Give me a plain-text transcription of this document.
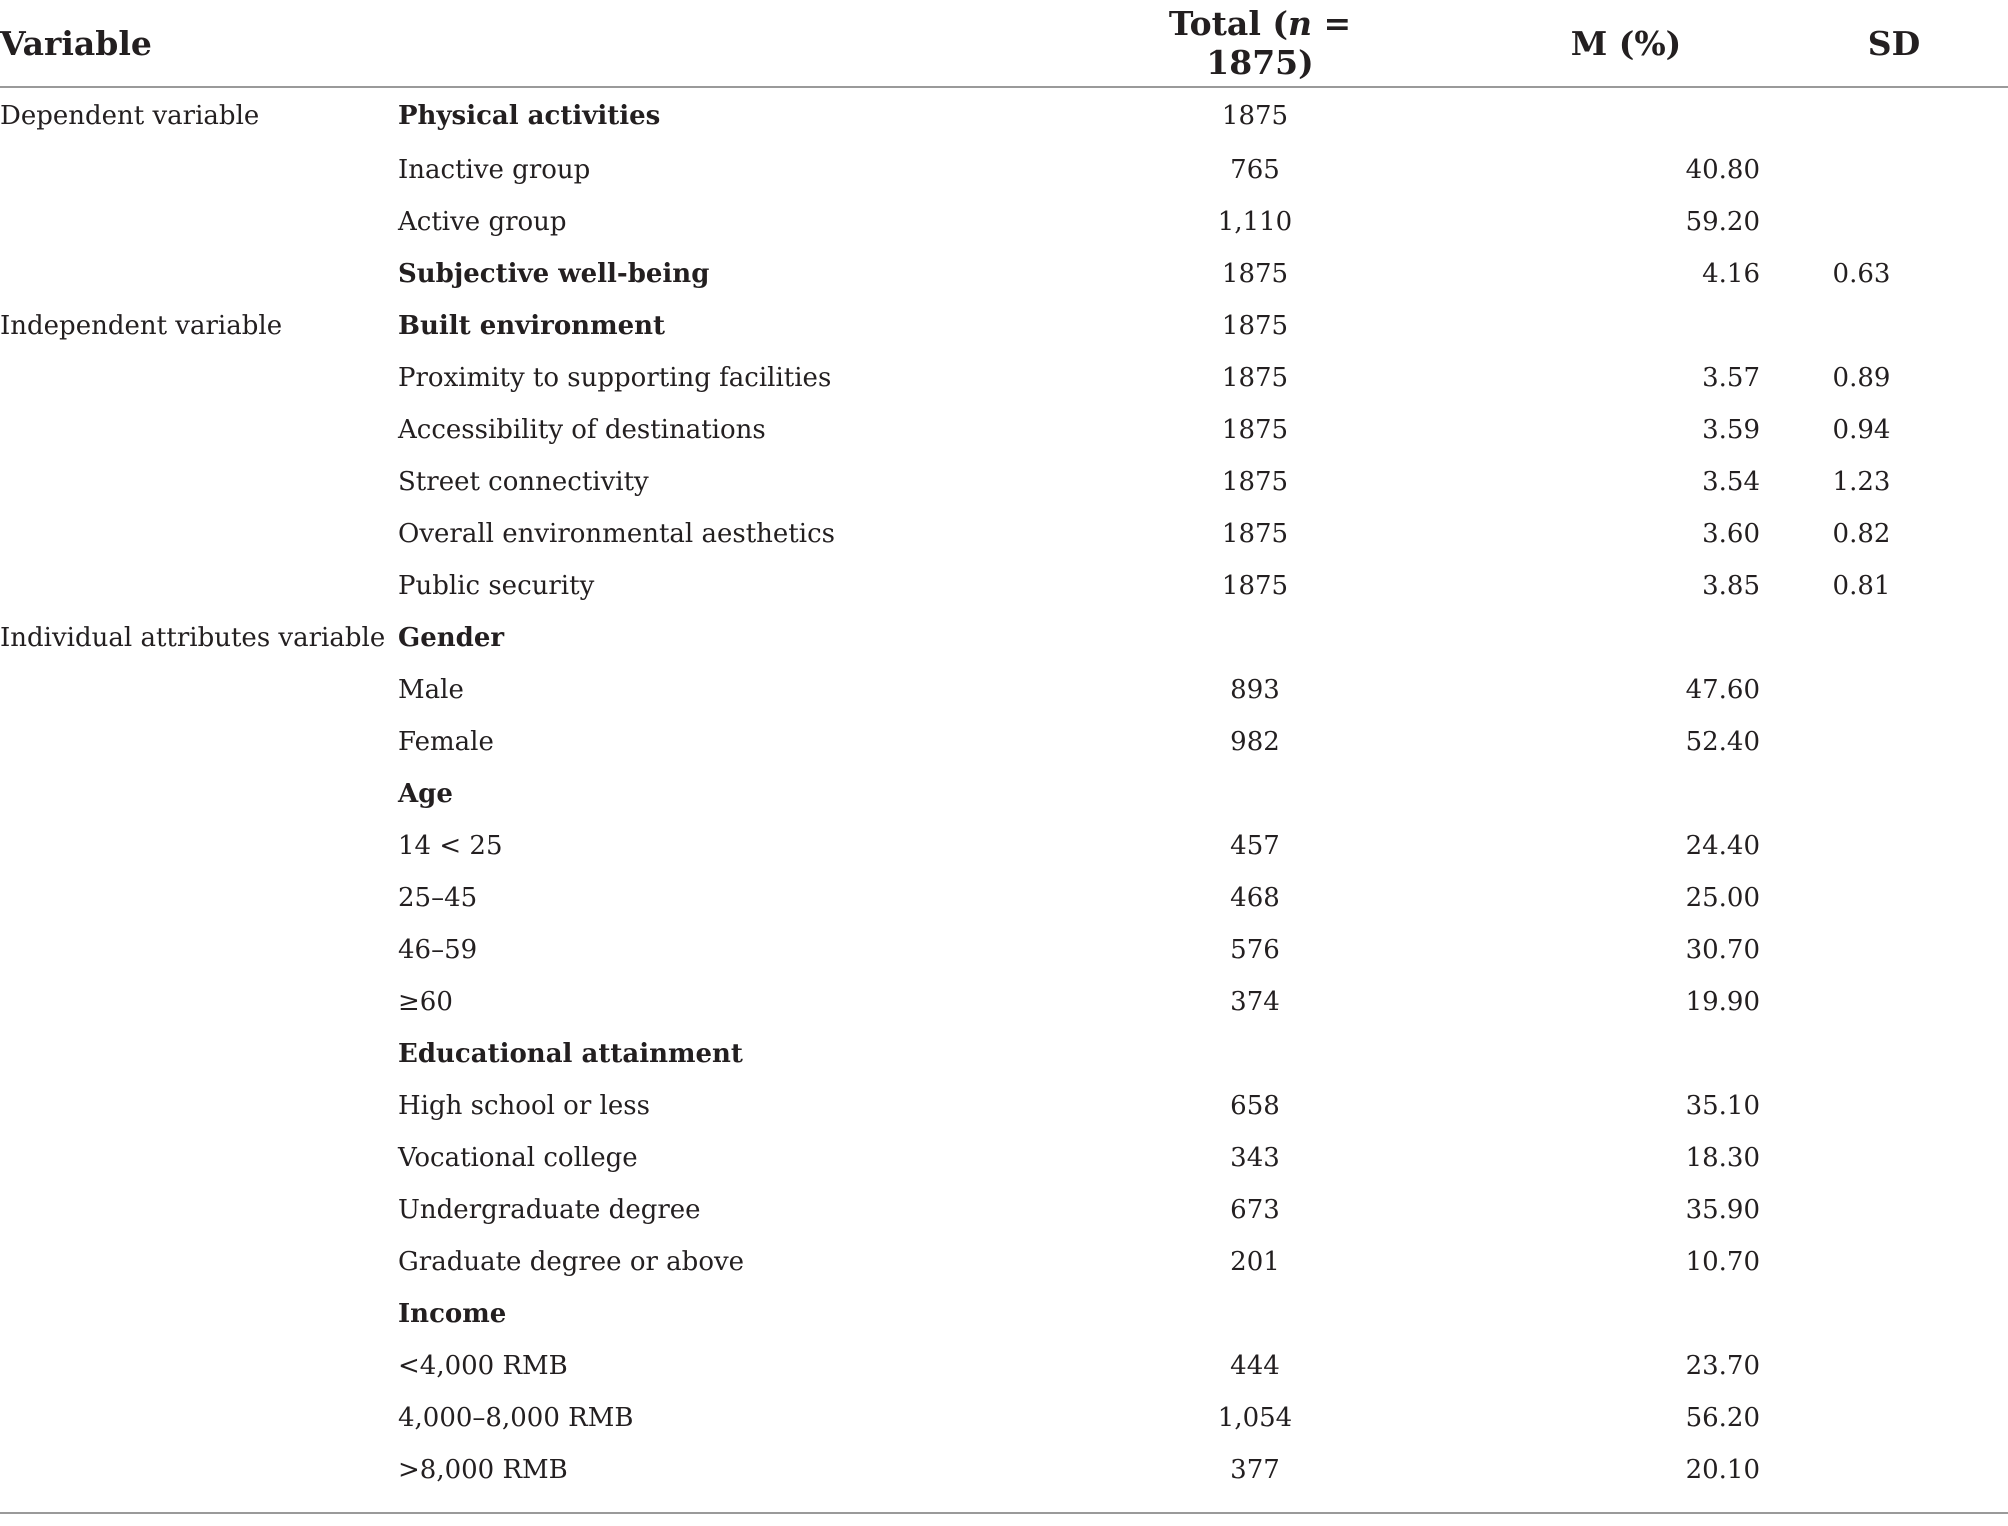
Variable		Total (n = 1875)	M (%)	SD
Dependent variable	Physical activities	1875		
	Inactive group	765	40.80	
	Active group	1,110	59.20	
	Subjective well-being	1875	4.16	0.63
Independent variable	Built environment	1875		
	Proximity to supporting facilities	1875	3.57	0.89
	Accessibility of destinations	1875	3.59	0.94
	Street connectivity	1875	3.54	1.23
	Overall environmental aesthetics	1875	3.60	0.82
	Public security	1875	3.85	0.81
Individual attributes variable	Gender			
	Male	893	47.60	
	Female	982	52.40	
	Age			
	14 < 25	457	24.40	
	25–45	468	25.00	
	46–59	576	30.70	
	≥60	374	19.90	
	Educational attainment			
	High school or less	658	35.10	
	Vocational college	343	18.30	
	Undergraduate degree	673	35.90	
	Graduate degree or above	201	10.70	
	Income			
	<4,000 RMB	444	23.70	
	4,000–8,000 RMB	1,054	56.20	
	>8,000 RMB	377	20.10	
